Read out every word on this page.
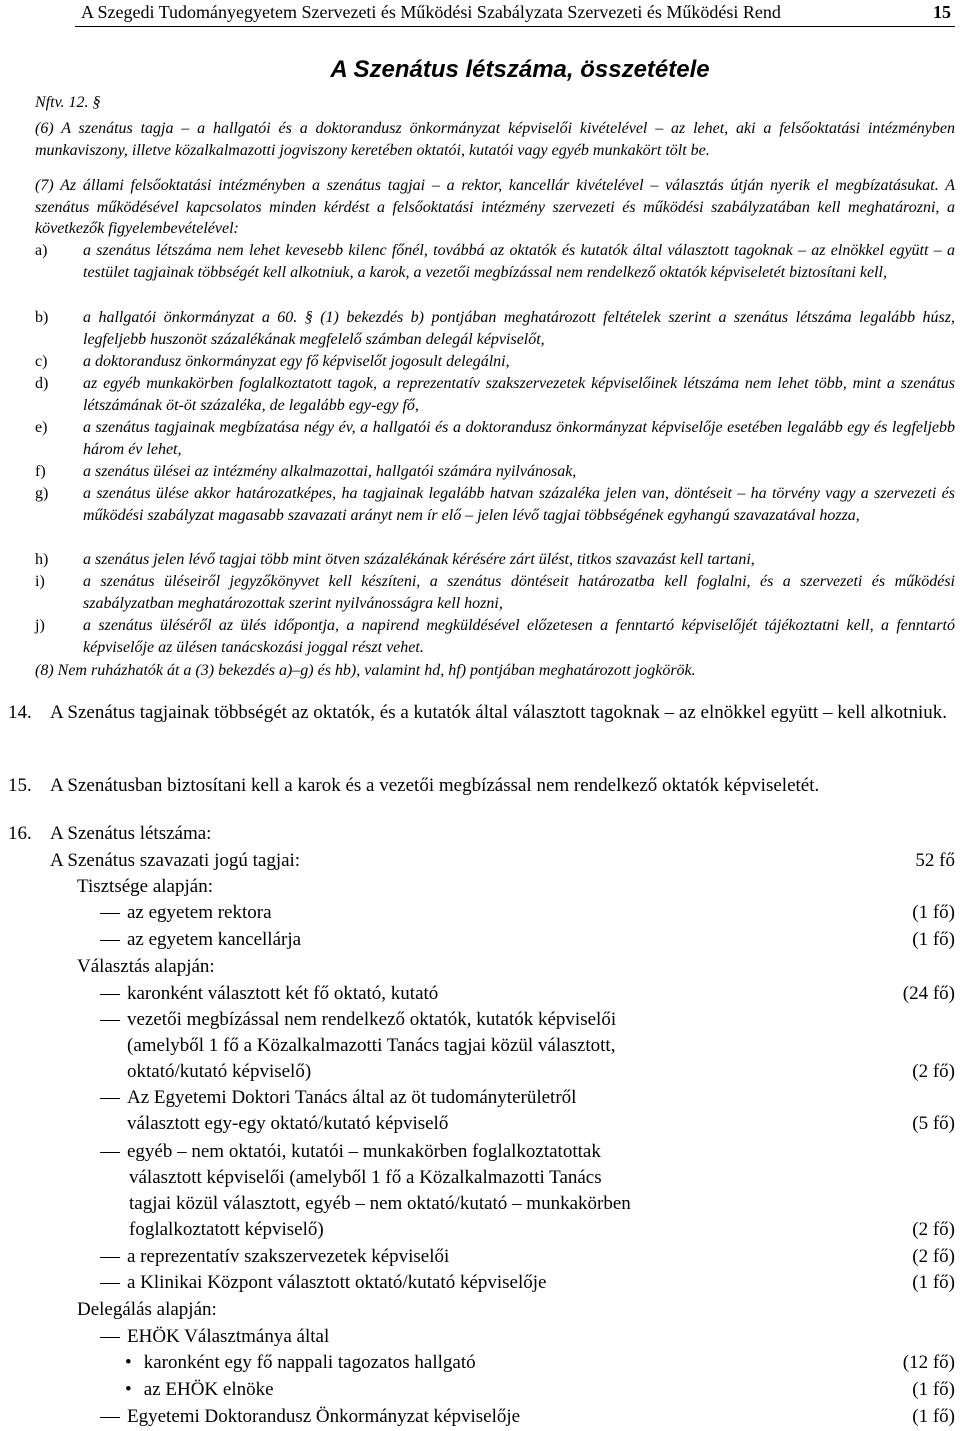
A Szegedi Tudományegyetem Szervezeti és Működési Szabályzata Szervezeti és Működési Rend	15
A Szenátus létszáma, összetétele
Nftv. 12. §
(6) A szenátus tagja – a hallgatói és a doktorandusz önkormányzat képviselői kivételével – az lehet, aki a felsőoktatási intézményben munkaviszony, illetve közalkalmazotti jogviszony keretében oktatói, kutatói vagy egyéb munkakört tölt be.
(7) Az állami felsőoktatási intézményben a szenátus tagjai – a rektor, kancellár kivételével – választás útján nyerik el megbízatásukat. A szenátus működésével kapcsolatos minden kérdést a felsőoktatási intézmény szervezeti és működési szabályzatában kell meghatározni, a következők figyelembevételével:
a) a szenátus létszáma nem lehet kevesebb kilenc főnél, továbbá az oktatók és kutatók által választott tagoknak – az elnökkel együtt – a testület tagjainak többségét kell alkotniuk, a karok, a vezetői megbízással nem rendelkező oktatók képviseletét biztosítani kell,
b) a hallgatói önkormányzat a 60. § (1) bekezdés b) pontjában meghatározott feltételek szerint a szenátus létszáma legalább húsz, legfeljebb huszonöt százalékának megfelelő számban delegál képviselőt,
c) a doktorandusz önkormányzat egy fő képviselőt jogosult delegálni,
d) az egyéb munkakörben foglalkoztatott tagok, a reprezentatív szakszervezetek képviselőinek létszáma nem lehet több, mint a szenátus létszámának öt-öt százaléka, de legalább egy-egy fő,
e) a szenátus tagjainak megbízatása négy év, a hallgatói és a doktorandusz önkormányzat képviselője esetében legalább egy és legfeljebb három év lehet,
f) a szenátus ülései az intézmény alkalmazottai, hallgatói számára nyilvánosak,
g) a szenátus ülése akkor határozatképes, ha tagjainak legalább hatvan százaléka jelen van, döntéseit – ha törvény vagy a szervezeti és működési szabályzat magasabb szavazati arányt nem ír elő – jelen lévő tagjai többségének egyhangú szavazatával hozza,
h) a szenátus jelen lévő tagjai több mint ötven százalékának kérésére zárt ülést, titkos szavazást kell tartani,
i) a szenátus üléseiről jegyzőkönyvet kell készíteni, a szenátus döntéseit határozatba kell foglalni, és a szervezeti és működési szabályzatban meghatározottak szerint nyilvánosságra kell hozni,
j) a szenátus üléséről az ülés időpontja, a napirend megküldésével előzetesen a fenntartó képviselőjét tájékoztatni kell, a fenntartó képviselője az ülésen tanácskozási joggal részt vehet.
(8) Nem ruházhatók át a (3) bekezdés a)–g) és hb), valamint hd, hf) pontjában meghatározott jogkörök.
14. A Szenátus tagjainak többségét az oktatók, és a kutatók által választott tagoknak – az elnökkel együtt – kell alkotniuk.
15. A Szenátusban biztosítani kell a karok és a vezetői megbízással nem rendelkező oktatók képviseletét.
16. A Szenátus létszáma:
A Szenátus szavazati jogú tagjai:	52 fő
Tisztsége alapján:
az egyetem rektora	(1 fő)
az egyetem kancellárja	(1 fő)
Választás alapján:
karonként választott két fő oktató, kutató	(24 fő)
vezetői megbízással nem rendelkező oktatók, kutatók képviselői
(amelyből 1 fő a Közalkalmazotti Tanács tagjai közül választott,
oktató/kutató képviselő)	(2 fő)
Az Egyetemi Doktori Tanács által az öt tudományterületről
választott egy-egy oktató/kutató képviselő	(5 fő)
egyéb – nem oktatói, kutatói – munkakörben foglalkoztatottak
választott képviselői (amelyből 1 fő a Közalkalmazotti Tanács
tagjai közül választott, egyéb – nem oktató/kutató – munkakörben
foglalkoztatott képviselő)	(2 fő)
a reprezentatív szakszervezetek képviselői	(2 fő)
a Klinikai Központ választott oktató/kutató képviselője	(1 fő)
Delegálás alapján:
EHÖK Választmánya által
• karonként egy fő nappali tagozatos hallgató	(12 fő)
• az EHÖK elnöke	(1 fő)
Egyetemi Doktorandusz Önkormányzat képviselője	(1 fő)
